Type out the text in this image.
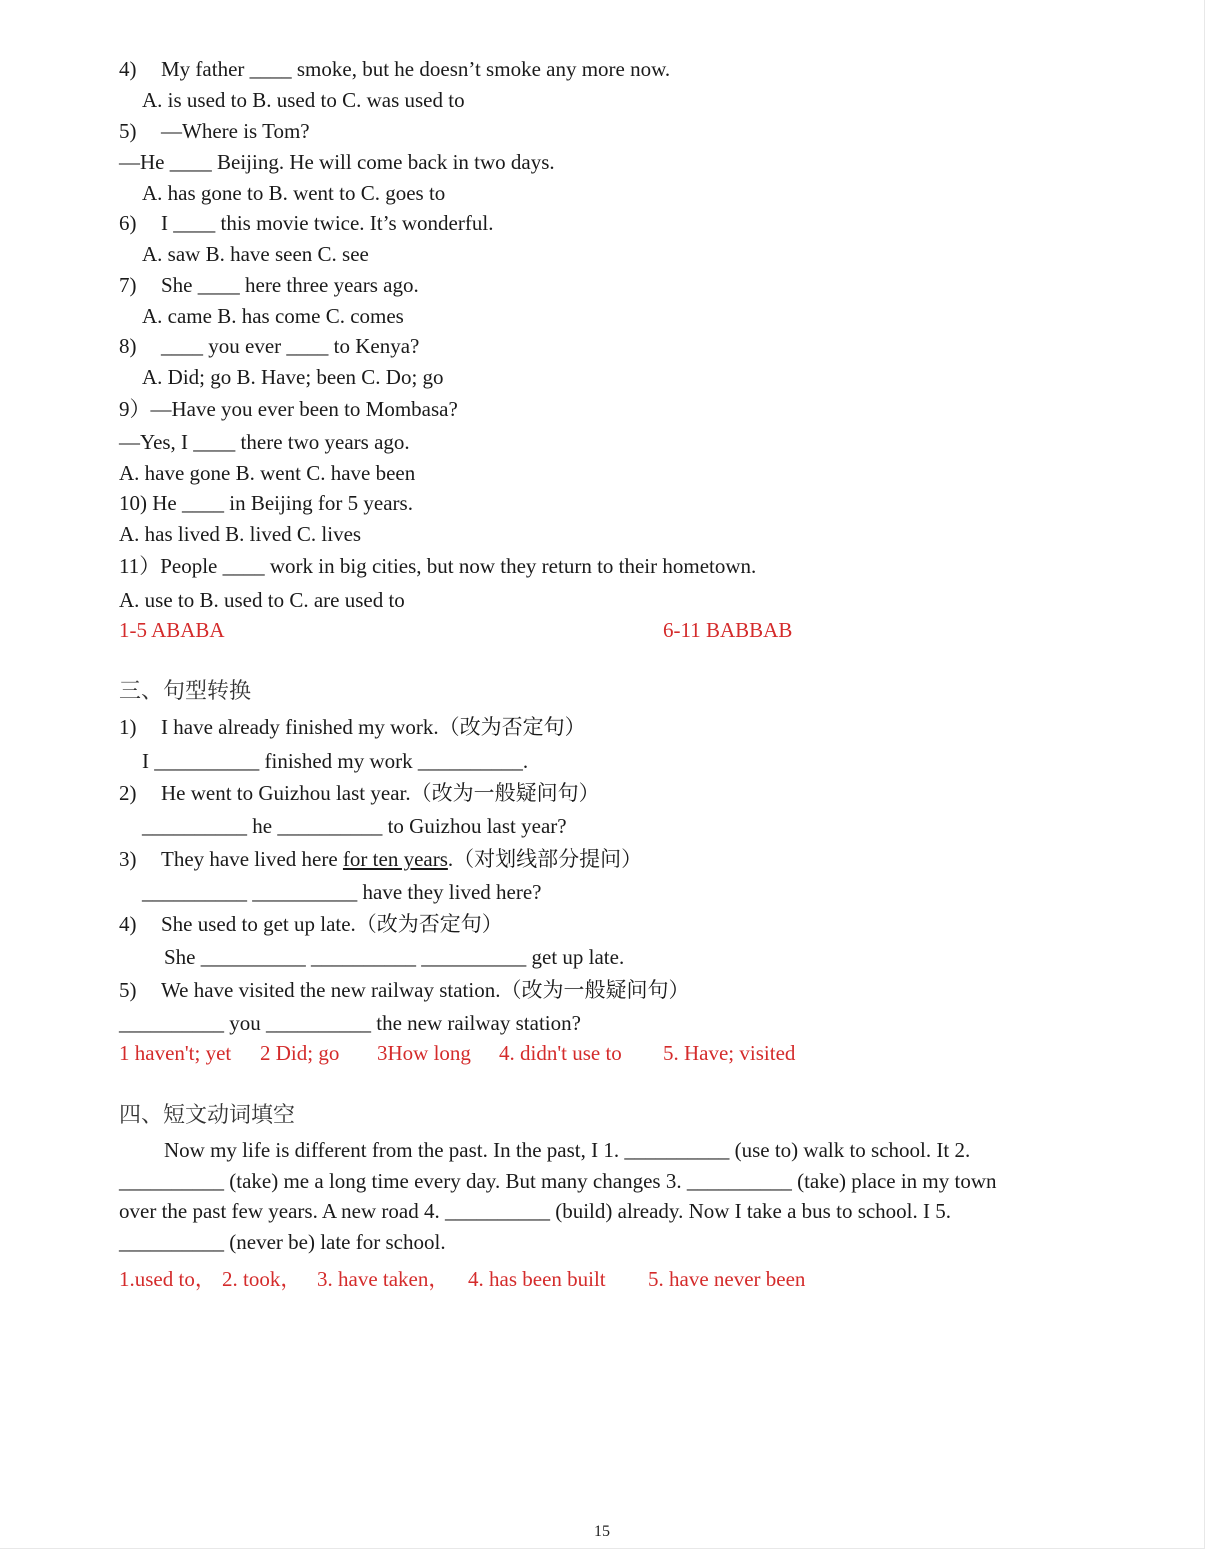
4) My father ____ smoke, but he doesn’t smoke any more now.
A. is used to B. used to C. was used to
5) —Where is Tom?
—He ____ Beijing. He will come back in two days.
A. has gone to B. went to C. goes to
6) I ____ this movie twice. It’s wonderful.
A. saw B. have seen C. see
7) She ____ here three years ago.
A. came B. has come C. comes
8) ____ you ever ____ to Kenya?
A. Did; go B. Have; been C. Do; go
9）—Have you ever been to Mombasa?
—Yes, I ____ there two years ago.
A. have gone B. went C. have been
10) He ____ in Beijing for 5 years.
A. has lived B. lived C. lives
11）People ____ work in big cities, but now they return to their hometown.
A. use to B. used to C. are used to
1-5 ABABA	6-11 BABBAB
三、句型转换
1) I have already finished my work.（改为否定句）
I __________ finished my work __________.
2) He went to Guizhou last year.（改为一般疑问句）
__________ he __________ to Guizhou last year?
3) They have lived here for ten years.（对划线部分提问）
__________ __________ have they lived here?
4) She used to get up late.（改为否定句）
She __________ __________ __________ get up late.
5) We have visited the new railway station.（改为一般疑问句）
__________ you __________ the new railway station?
1 haven't; yet 2 Did; go 3How long 4. didn't use to 5. Have; visited
四、短文动词填空
Now my life is different from the past. In the past, I 1. __________ (use to) walk to school. It 2.
__________ (take) me a long time every day. But many changes 3. __________ (take) place in my town
over the past few years. A new road 4. __________ (build) already. Now I take a bus to school. I 5.
__________ (never be) late for school.
1.used to， 2. took， 3. have taken， 4. has been built 5. have never been
15
